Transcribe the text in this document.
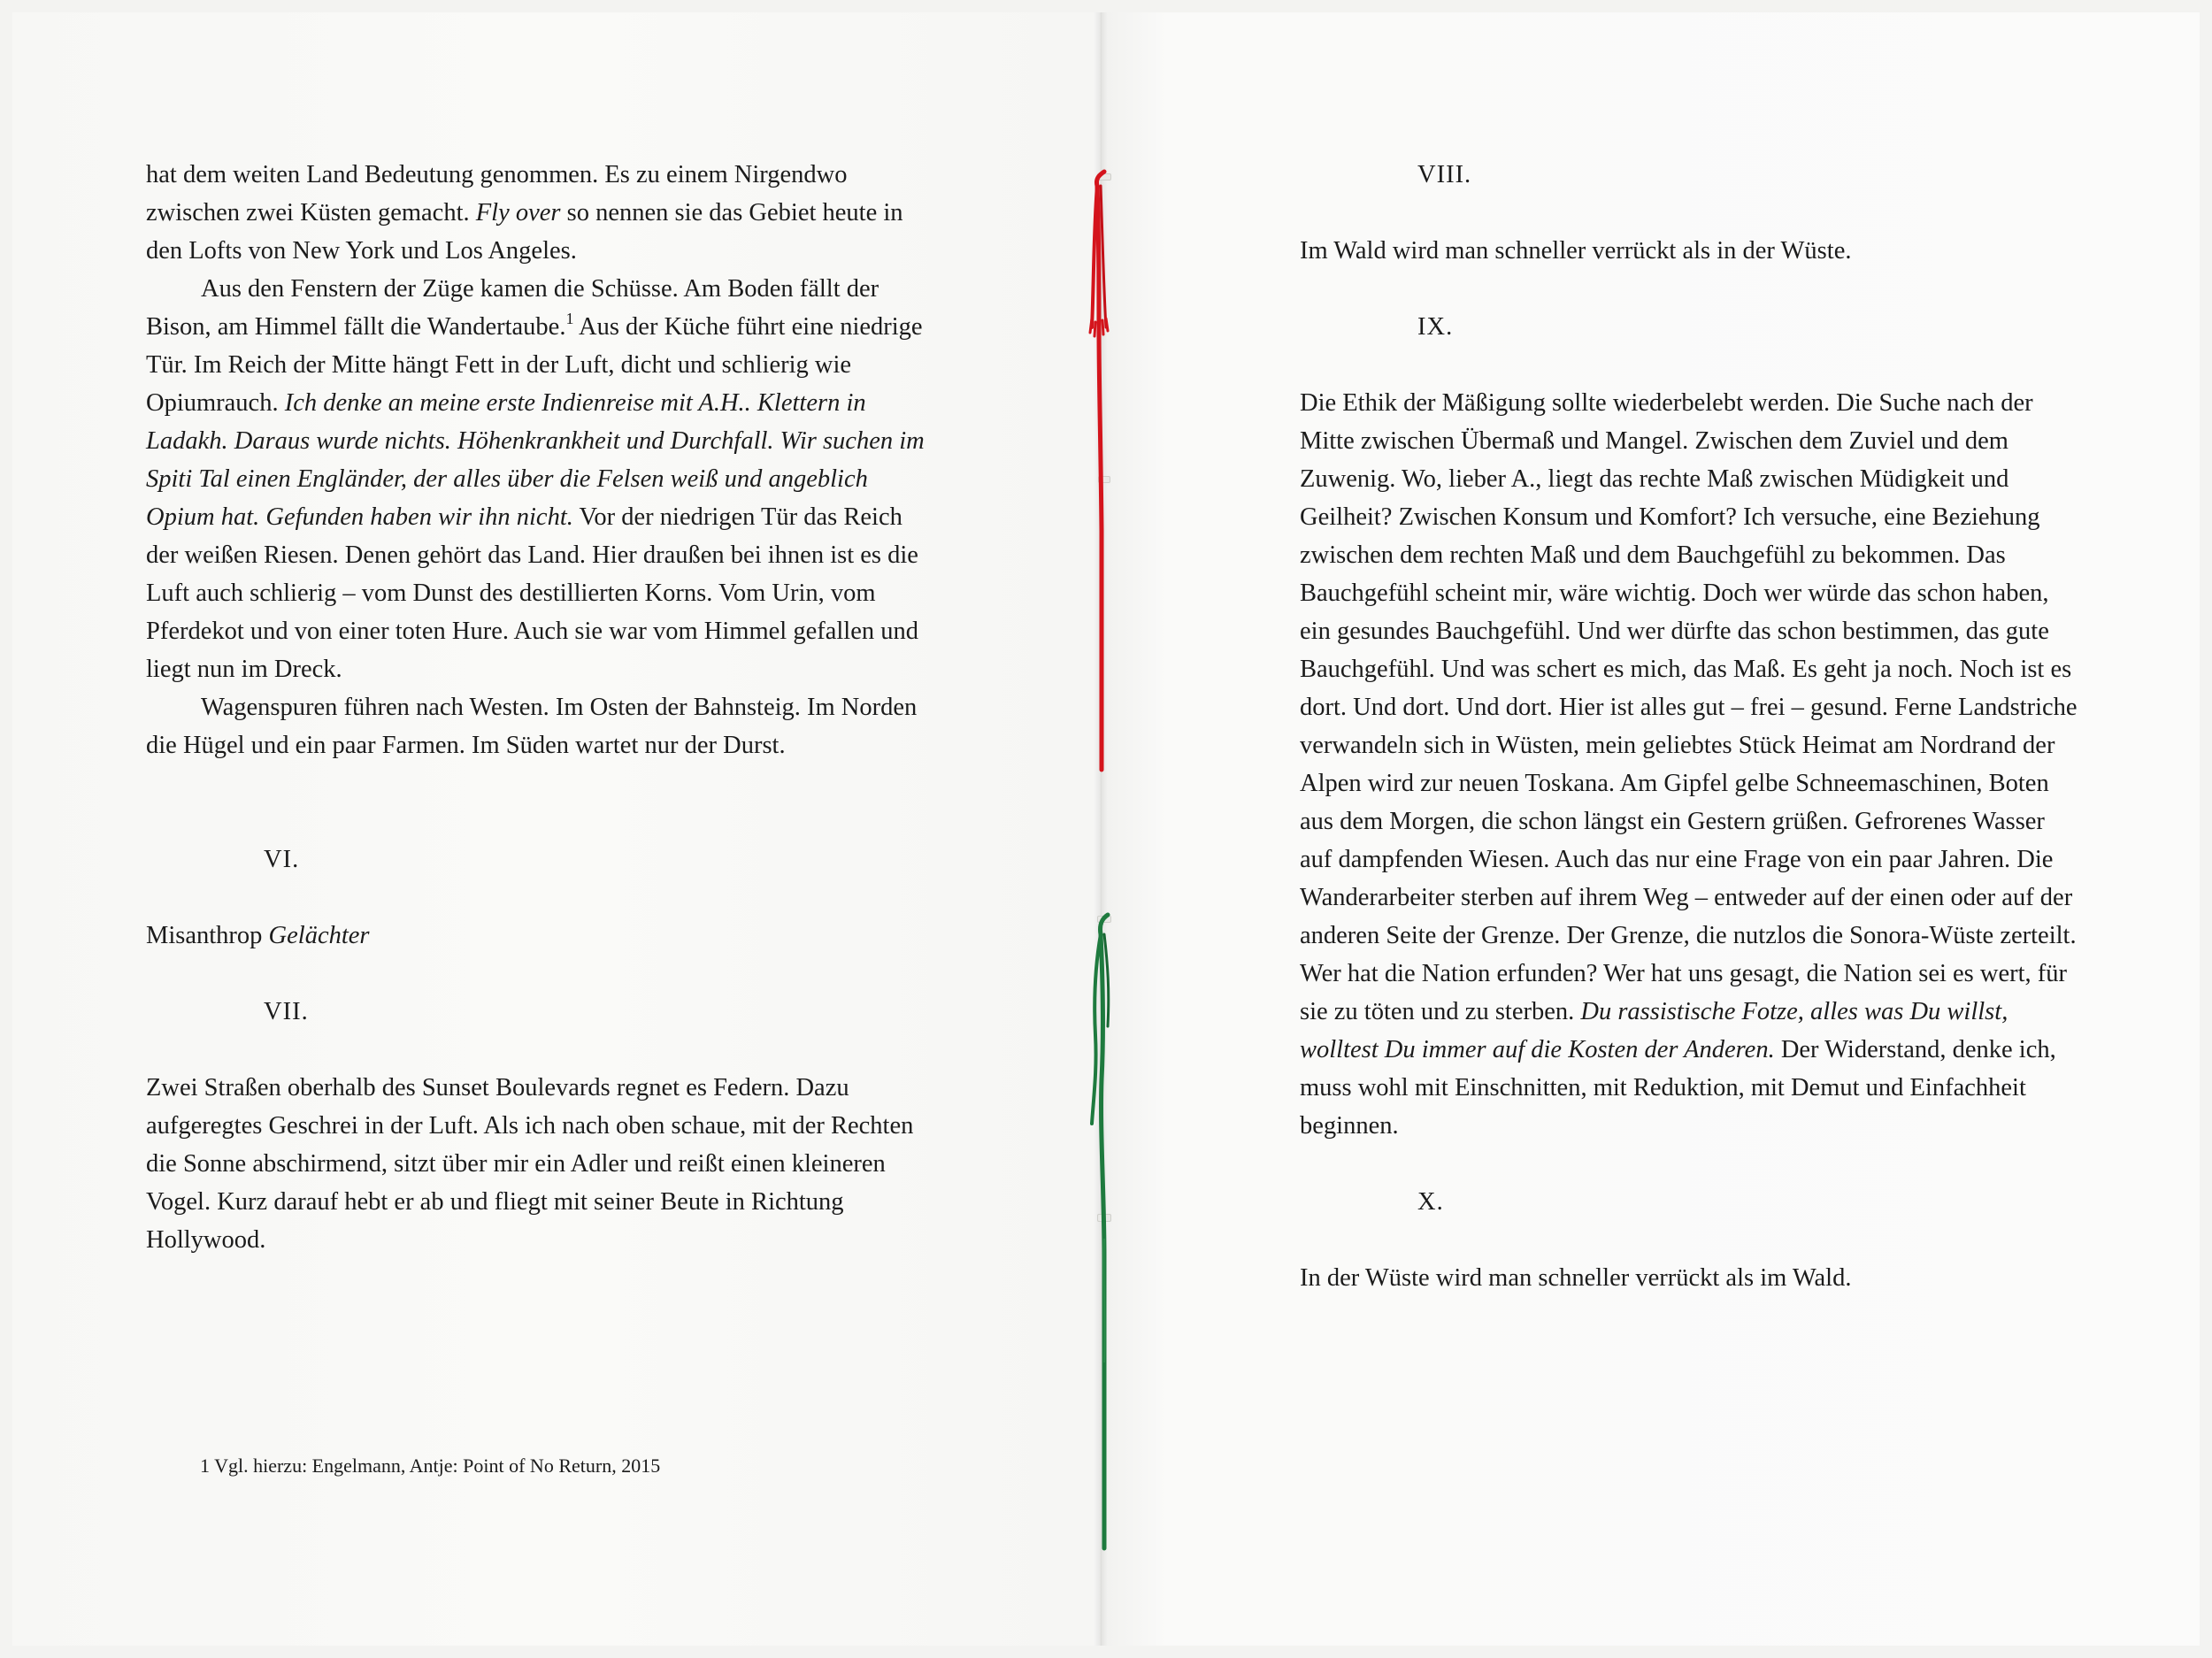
hat dem weiten Land Bedeutung genommen. Es zu einem Nirgendwo zwischen zwei Küsten gemacht. Fly over so nennen sie das Gebiet heute in den Lofts von New York und Los Angeles.

Aus den Fenstern der Züge kamen die Schüsse. Am Boden fällt der Bison, am Himmel fällt die Wandertaube.$^1$ Aus der Küche führt eine niedrige Tür. Im Reich der Mitte hängt Fett in der Luft, dicht und schlierig wie Opiumrauch. Ich denke an meine erste Indienreise mit A.H.. Klettern in Ladakh. Daraus wurde nichts. Höhenkrankheit und Durchfall. Wir suchen im Spiti Tal einen Engländer, der alles über die Felsen weiß und angeblich Opium hat. Gefunden haben wir ihn nicht. Vor der niedrigen Tür das Reich der weißen Riesen. Denen gehört das Land. Hier draußen bei ihnen ist es die Luft auch schlierig – vom Dunst des destillierten Korns. Vom Urin, vom Pferdekot und von einer toten Hure. Auch sie war vom Himmel gefallen und liegt nun im Dreck.

Wagenspuren führen nach Westen. Im Osten der Bahnsteig. Im Norden die Hügel und ein paar Farmen. Im Süden wartet nur der Durst.

VI.

Misanthrop Gelächter

VII.

Zwei Straßen oberhalb des Sunset Boulevards regnet es Federn. Dazu aufgeregtes Geschrei in der Luft. Als ich nach oben schaue, mit der Rechten die Sonne abschirmend, sitzt über mir ein Adler und reißt einen kleineren Vogel. Kurz darauf hebt er ab und fliegt mit seiner Beute in Richtung Hollywood.

1 Vgl. hierzu: Engelmann, Antje: Point of No Return, 2015

VIII.

Im Wald wird man schneller verrückt als in der Wüste.

IX.

Die Ethik der Mäßigung sollte wiederbelebt werden. Die Suche nach der Mitte zwischen Übermaß und Mangel. Zwischen dem Zuviel und dem Zuwenig. Wo, lieber A., liegt das rechte Maß zwischen Müdigkeit und Geilheit? Zwischen Konsum und Komfort? Ich versuche, eine Beziehung zwischen dem rechten Maß und dem Bauchgefühl zu bekommen. Das Bauchgefühl scheint mir, wäre wichtig. Doch wer würde das schon haben, ein gesundes Bauchgefühl. Und wer dürfte das schon bestimmen, das gute Bauchgefühl. Und was schert es mich, das Maß. Es geht ja noch. Noch ist es dort. Und dort. Und dort. Hier ist alles gut – frei – gesund. Ferne Landstriche verwandeln sich in Wüsten, mein geliebtes Stück Heimat am Nordrand der Alpen wird zur neuen Toskana. Am Gipfel gelbe Schneemaschinen, Boten aus dem Morgen, die schon längst ein Gestern grüßen. Gefrorenes Wasser auf dampfenden Wiesen. Auch das nur eine Frage von ein paar Jahren. Die Wanderarbeiter sterben auf ihrem Weg – entweder auf der einen oder auf der anderen Seite der Grenze. Der Grenze, die nutzlos die Sonora-Wüste zerteilt. Wer hat die Nation erfunden? Wer hat uns gesagt, die Nation sei es wert, für sie zu töten und zu sterben. Du rassistische Fotze, alles was Du willst, wolltest Du immer auf die Kosten der Anderen. Der Widerstand, denke ich, muss wohl mit Einschnitten, mit Reduktion, mit Demut und Einfachheit beginnen.

X.

In der Wüste wird man schneller verrückt als im Wald.
